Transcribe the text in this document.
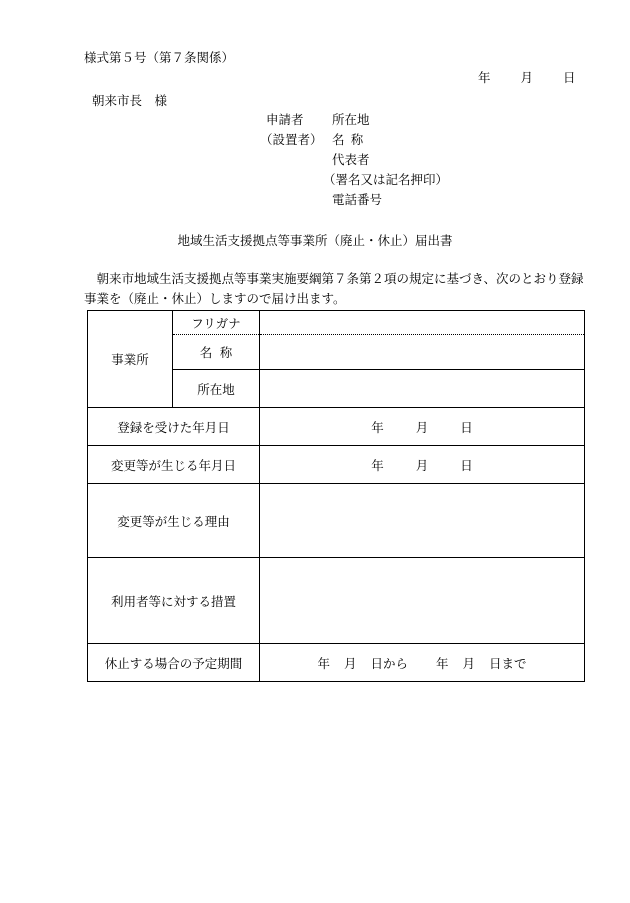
様式第５号（第７条関係）
年 月 日
朝来市長　様
申請者
（設置者）
所在地
名称
代表者
（署名又は記名押印）
電話番号
地域生活支援拠点等事業所（廃止・休止）届出書
朝来市地域生活支援拠点等事業実施要綱第７条第２項の規定に基づき、次のとおり登録事業を（廃止・休止）しますので届け出ます。
事業所	フリガナ	
	名称	
	所在地	
登録を受けた年月日		年 月 日
変更等が生じる年月日		年 月 日
変更等が生じる理由		
利用者等に対する措置		
休止する場合の予定期間		年 月 日から 年 月 日まで
